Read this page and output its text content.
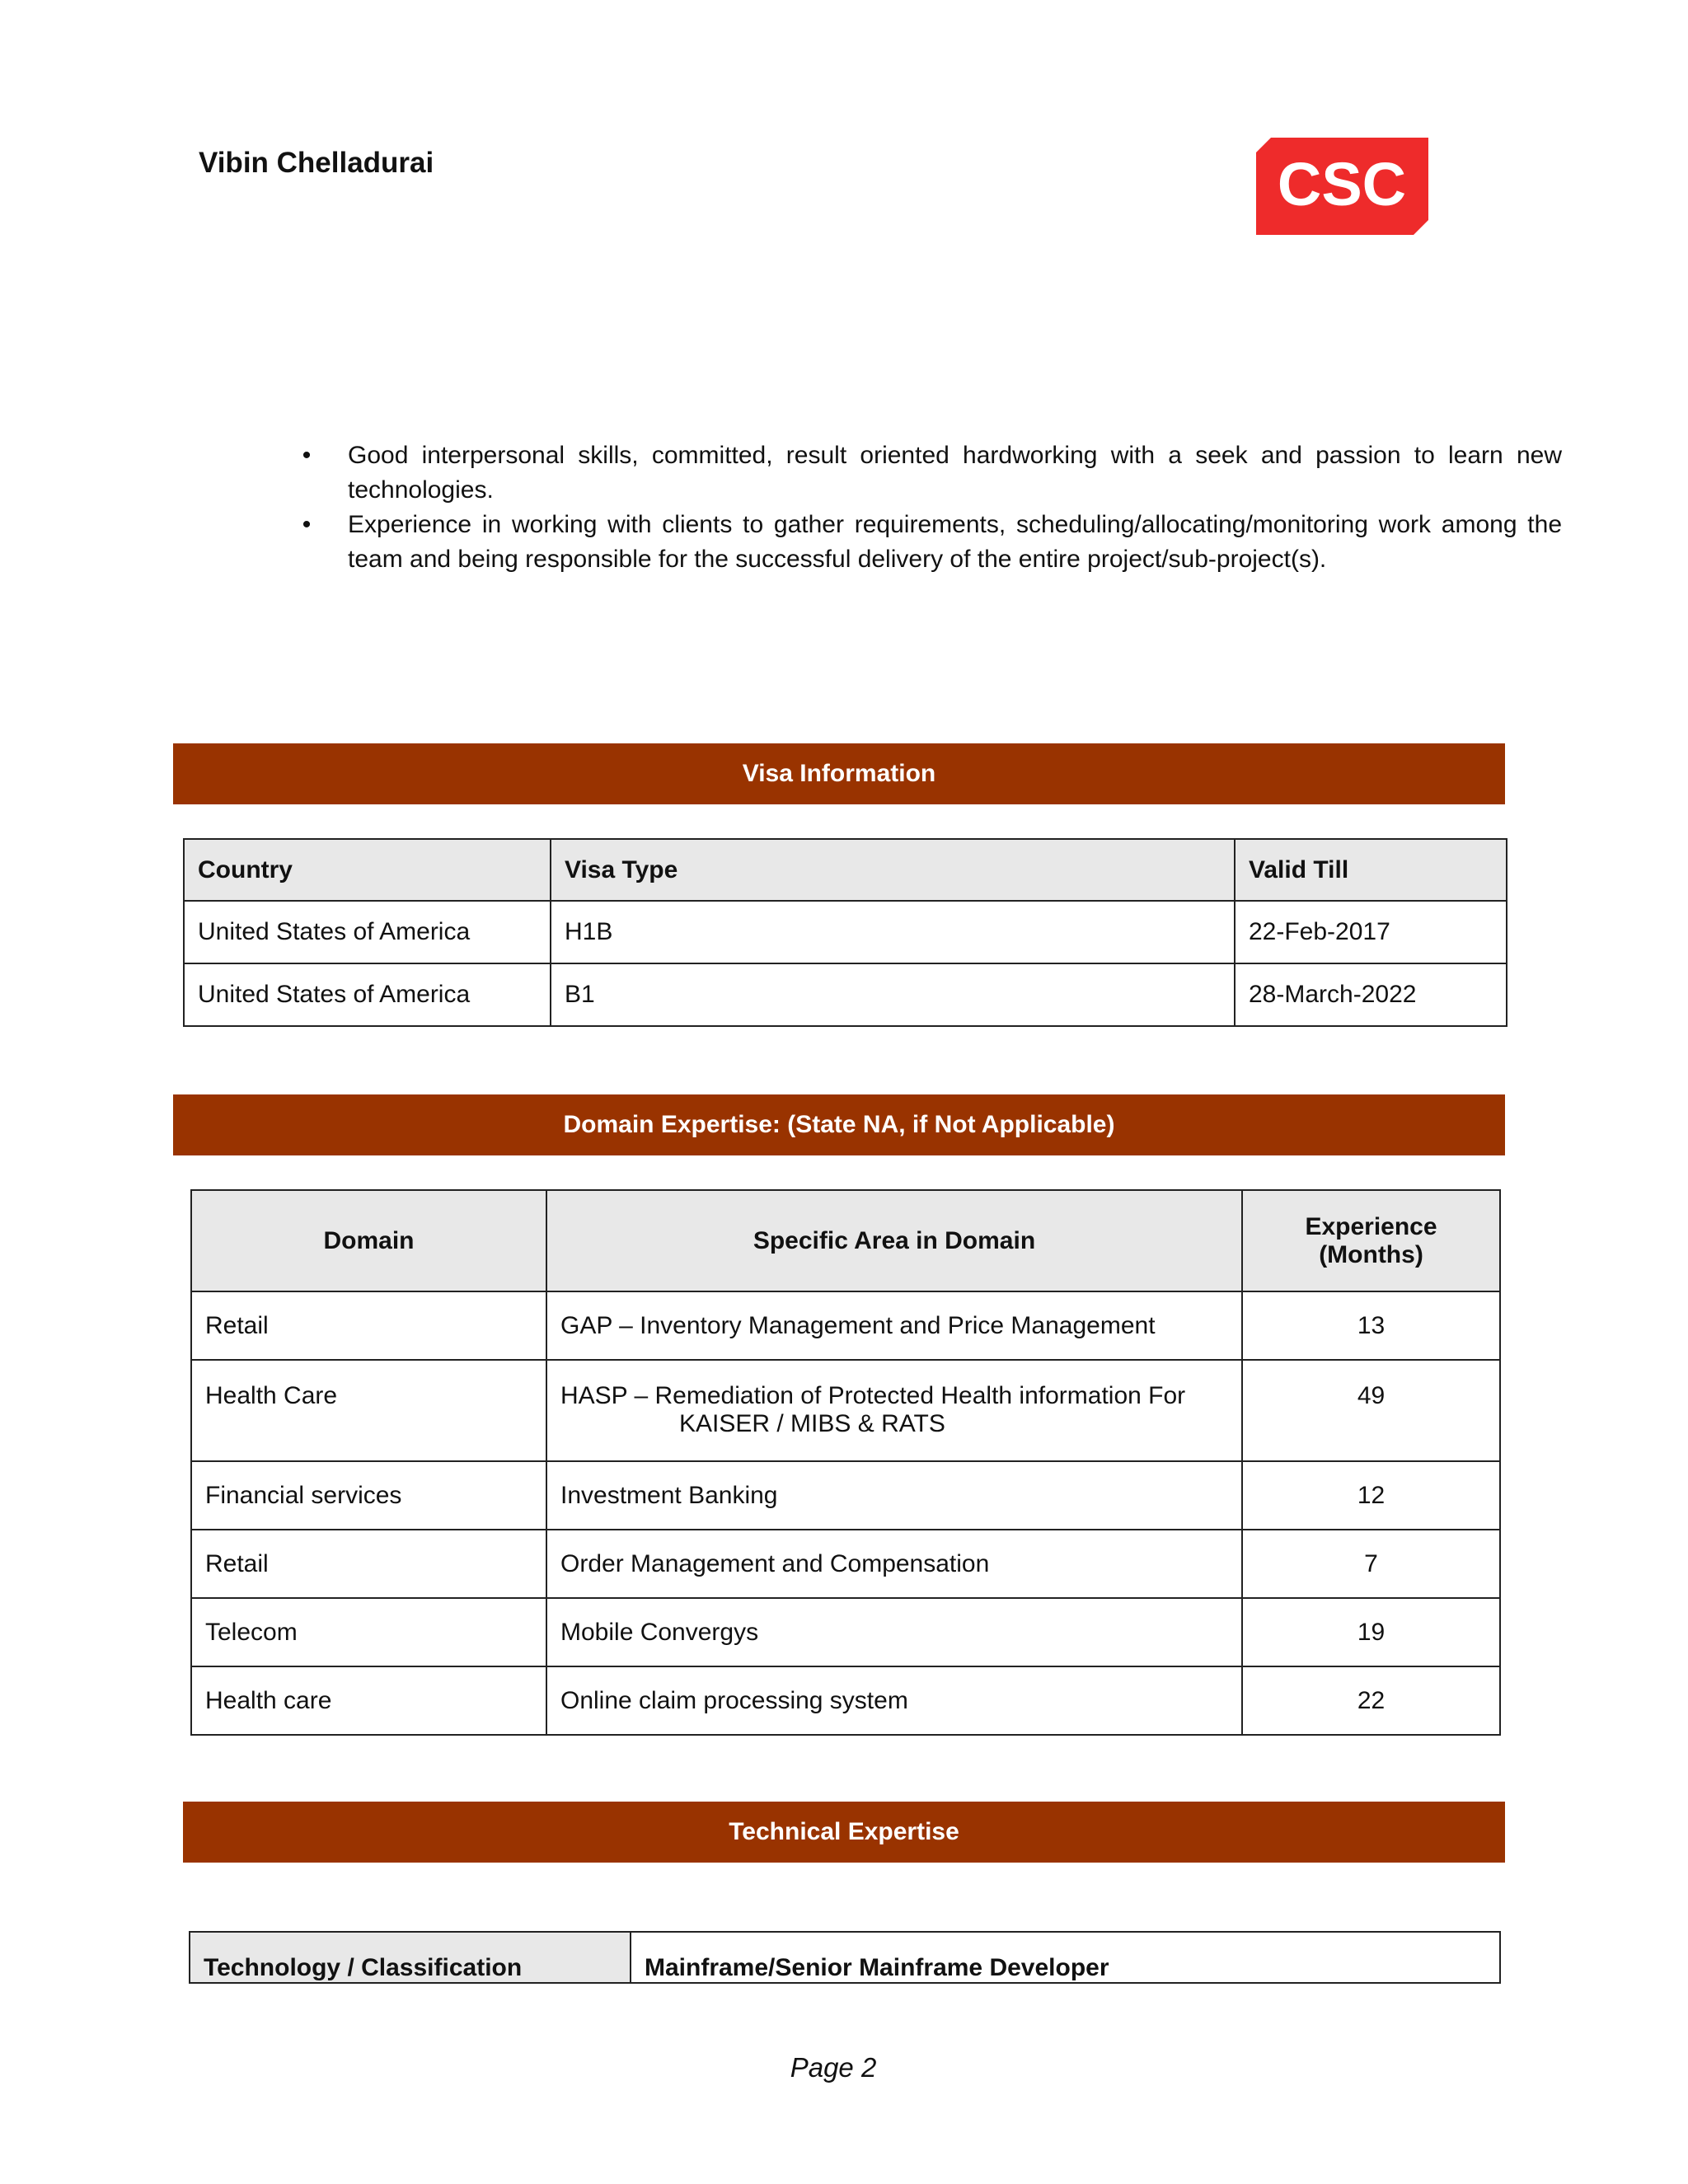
Vibin Chelladurai	CSC
• Good interpersonal skills, committed, result oriented hardworking with a seek and passion to learn new technologies.
• Experience in working with clients to gather requirements, scheduling/allocating/monitoring work among the team and being responsible for the successful delivery of the entire project/sub-project(s).
Visa Information
Country	Visa Type	Valid Till
United States of America	H1B	22-Feb-2017
United States of America	B1	28-March-2022
Domain Expertise: (State NA, if Not Applicable)
Domain	Specific Area in Domain	Experience
(Months)
Retail	GAP – Inventory Management and Price Management	13
Health Care	HASP – Remediation of Protected Health information For
KAISER / MIBS & RATS	49
Financial services	Investment Banking	12
Retail	Order Management and Compensation	7
Telecom	Mobile Convergys	19
Health care	Online claim processing system	22
Technical Expertise
Technology / Classification	Mainframe/Senior Mainframe Developer
Page 2
